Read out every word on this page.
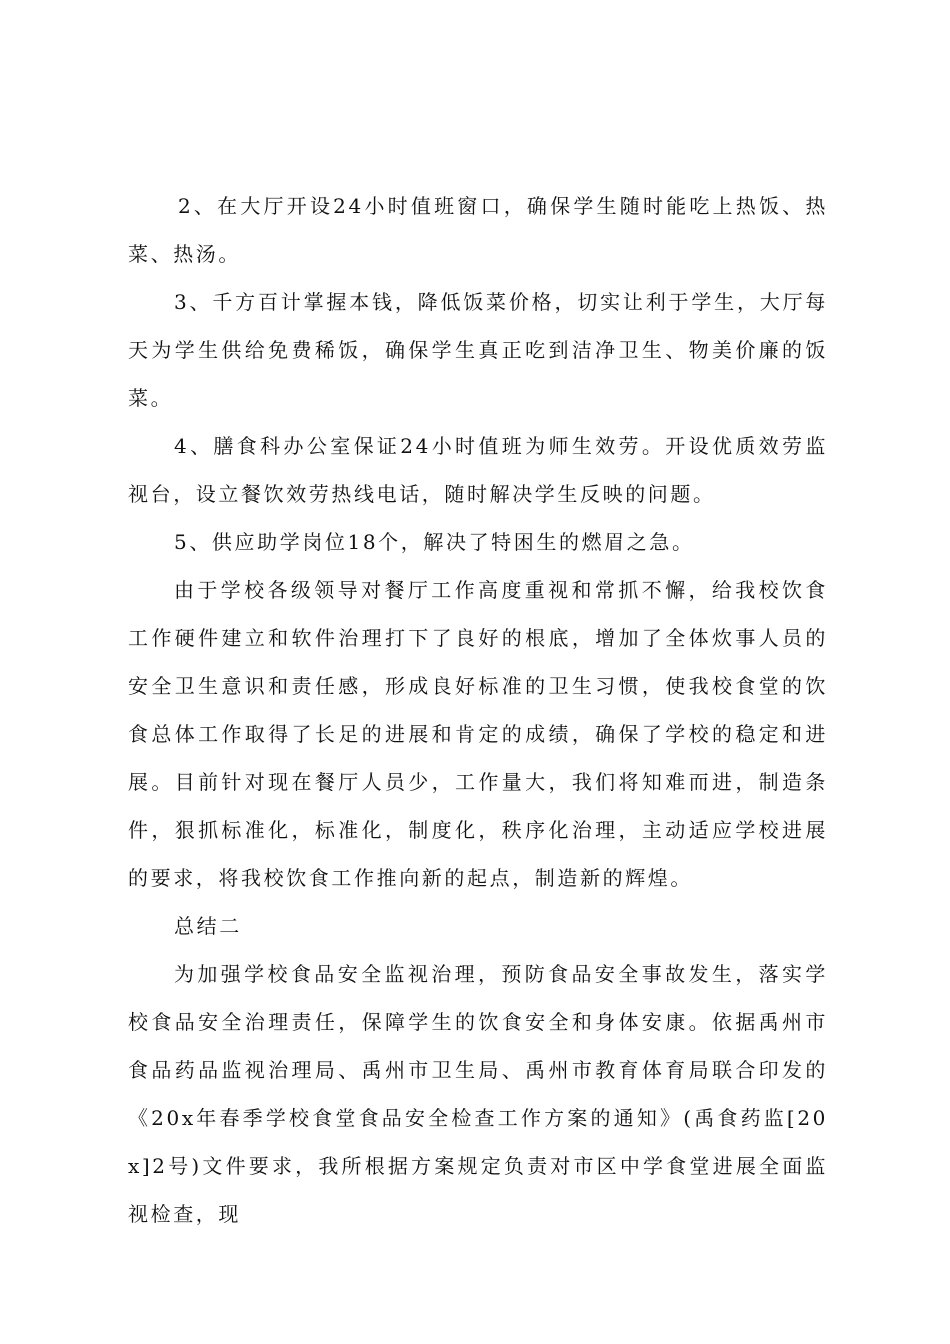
2、在大厅开设24小时值班窗口，确保学生随时能吃上热饭、热菜、热汤。

3、千方百计掌握本钱，降低饭菜价格，切实让利于学生，大厅每天为学生供给免费稀饭，确保学生真正吃到洁净卫生、物美价廉的饭菜。

4、膳食科办公室保证24小时值班为师生效劳。开设优质效劳监视台，设立餐饮效劳热线电话，随时解决学生反映的问题。

5、供应助学岗位18个，解决了特困生的燃眉之急。

由于学校各级领导对餐厅工作高度重视和常抓不懈，给我校饮食工作硬件建立和软件治理打下了良好的根底，增加了全体炊事人员的安全卫生意识和责任感，形成良好标准的卫生习惯，使我校食堂的饮食总体工作取得了长足的进展和肯定的成绩，确保了学校的稳定和进展。目前针对现在餐厅人员少，工作量大，我们将知难而进，制造条件，狠抓标准化，标准化，制度化，秩序化治理，主动适应学校进展的要求，将我校饮食工作推向新的起点，制造新的辉煌。

总结二

为加强学校食品安全监视治理，预防食品安全事故发生，落实学校食品安全治理责任，保障学生的饮食安全和身体安康。依据禹州市食品药品监视治理局、禹州市卫生局、禹州市教育体育局联合印发的《20x年春季学校食堂食品安全检查工作方案的通知》(禹食药监[20x]2号)文件要求，我所根据方案规定负责对市区中学食堂进展全面监视检查，现
